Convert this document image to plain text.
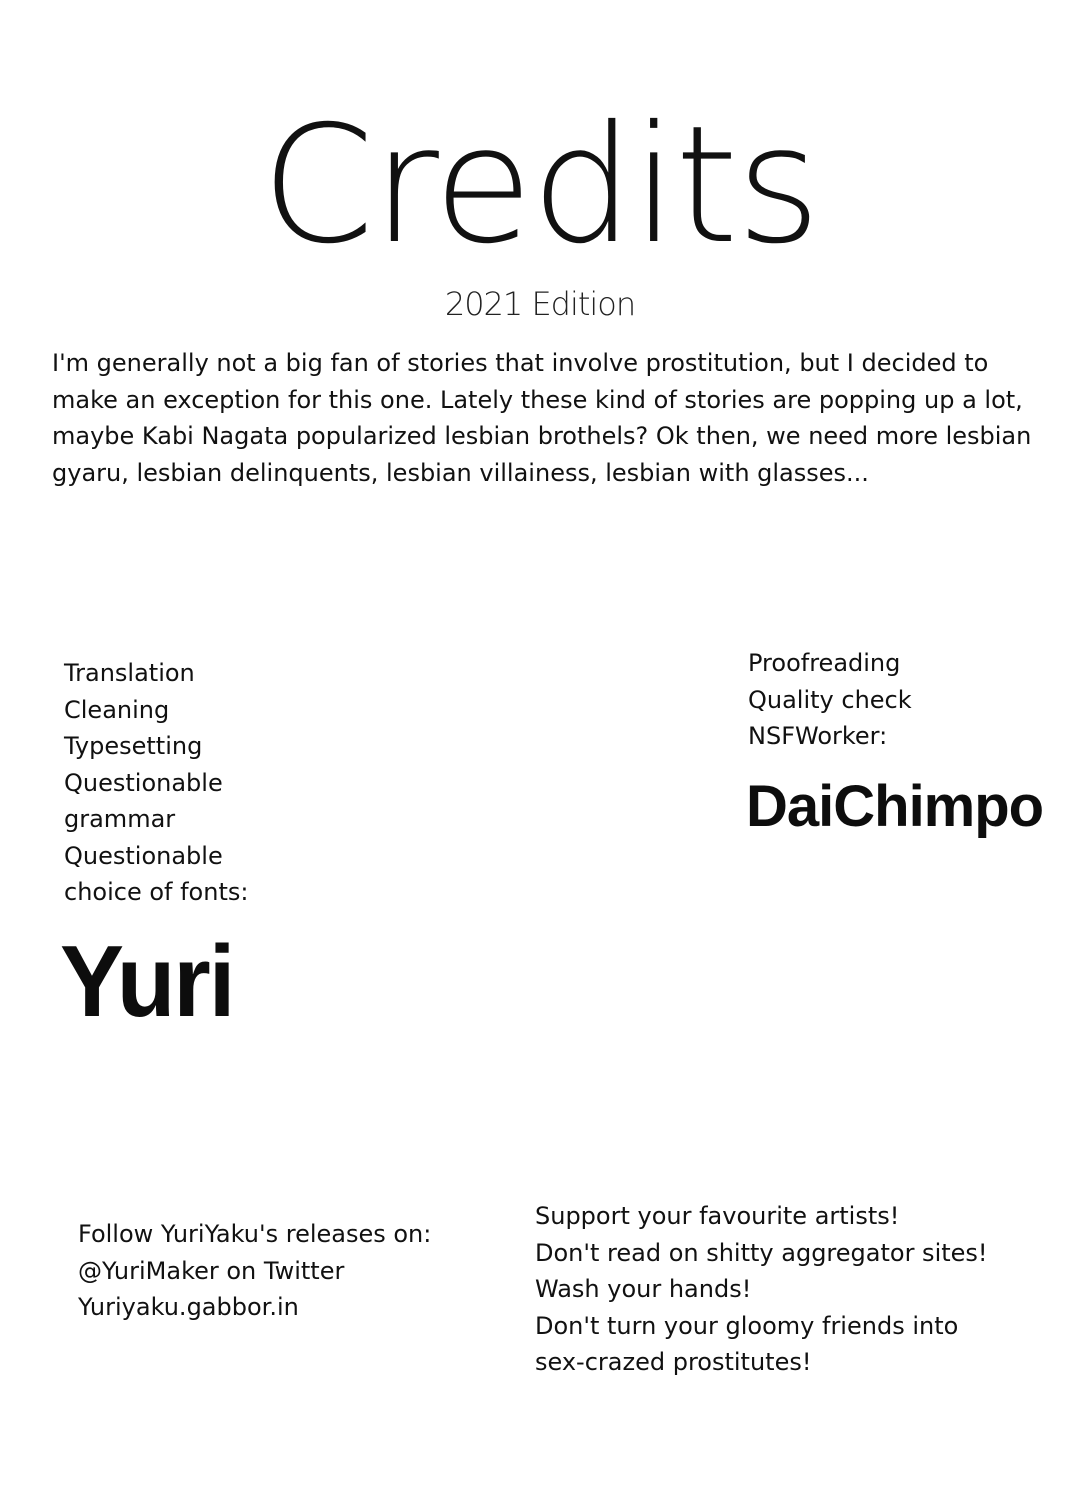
Credits
2021 Edition

I'm generally not a big fan of stories that involve prostitution, but I decided to make an exception for this one. Lately these kind of stories are popping up a lot, maybe Kabi Nagata popularized lesbian brothels? Ok then, we need more lesbian gyaru, lesbian delinquents, lesbian villainess, lesbian with glasses...

Translation
Cleaning
Typesetting
Questionable
grammar
Questionable
choice of fonts:
Yuri
Proofreading
Quality check
NSFWorker:
DaiChimpo
Follow YuriYaku's releases on:
@YuriMaker on Twitter
Yuriyaku.gabbor.in
Support your favourite artists!
Don't read on shitty aggregator sites!
Wash your hands!
Don't turn your gloomy friends into
sex-crazed prostitutes!
